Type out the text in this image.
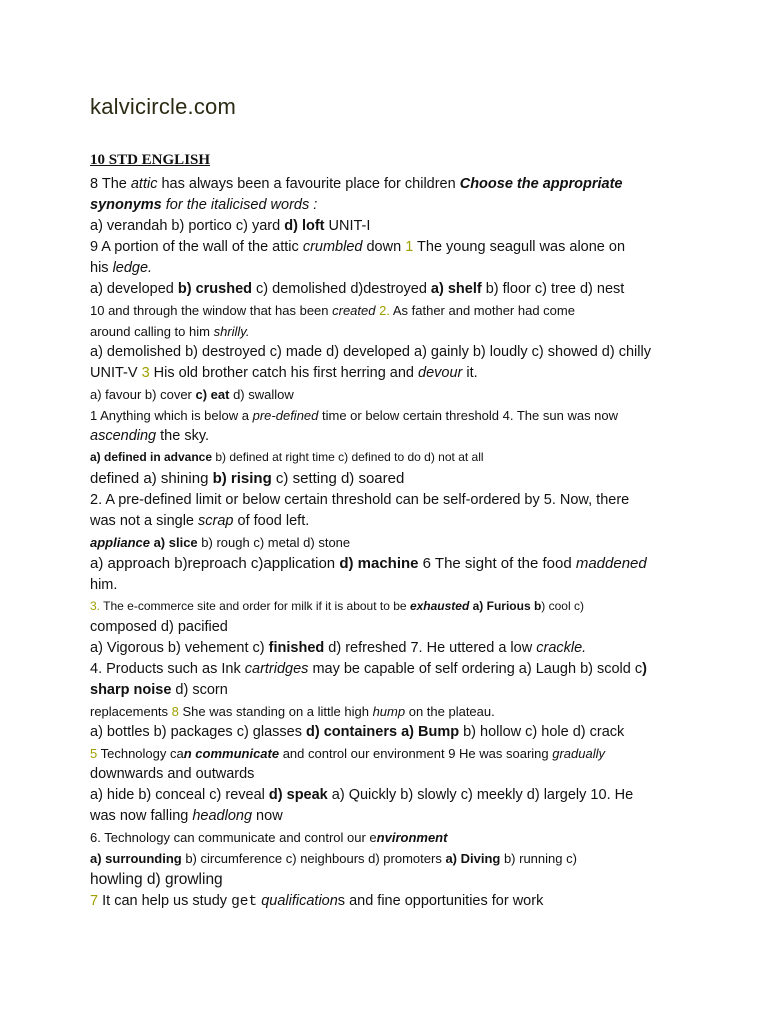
kalvicircle.com
10 STD ENGLISH
8 The attic has always been a favourite place for children Choose the appropriate
synonyms for the italicised words :
a) verandah b) portico c) yard d) loft UNIT-I
9 A portion of the wall of the attic crumbled down 1 The young seagull was alone on
his ledge.
a) developed b) crushed c) demolished d)destroyed a) shelf b) floor c) tree d) nest
10 and through the window that has been created 2. As father and mother had come
around calling to him shrilly.
a) demolished b) destroyed c) made d) developed a) gainly b) loudly c) showed d) chilly
UNIT-V 3 His old brother catch his first herring and devour it.
a) favour b) cover c) eat d) swallow
1 Anything which is below a pre-defined time or below certain threshold 4. The sun was now
ascending the sky.
a) defined in advance b) defined at right time c) defined to do d) not at all
defined a) shining b) rising c) setting d) soared
2. A pre-defined limit or below certain threshold can be self-ordered by 5. Now, there
was not a single scrap of food left.
appliance a) slice b) rough c) metal d) stone
a) approach b)reproach c)application d) machine 6 The sight of the food maddened
him.
3. The e-commerce site and order for milk if it is about to be exhausted a) Furious b) cool c)
composed d) pacified
a) Vigorous b) vehement c) finished d) refreshed 7. He uttered a low crackle.
4. Products such as Ink cartridges may be capable of self ordering a) Laugh b) scold c)
sharp noise d) scorn
replacements 8 She was standing on a little high hump on the plateau.
a) bottles b) packages c) glasses d) containers a) Bump b) hollow c) hole d) crack
5 Technology can communicate and control our environment 9 He was soaring gradually
downwards and outwards
a) hide b) conceal c) reveal d) speak a) Quickly b) slowly c) meekly d) largely 10. He
was now falling headlong now
6. Technology can communicate and control our environment
a) surrounding b) circumference c) neighbours d) promoters a) Diving b) running c)
howling d) growling
7 It can help us study get qualifications and fine opportunities for work
